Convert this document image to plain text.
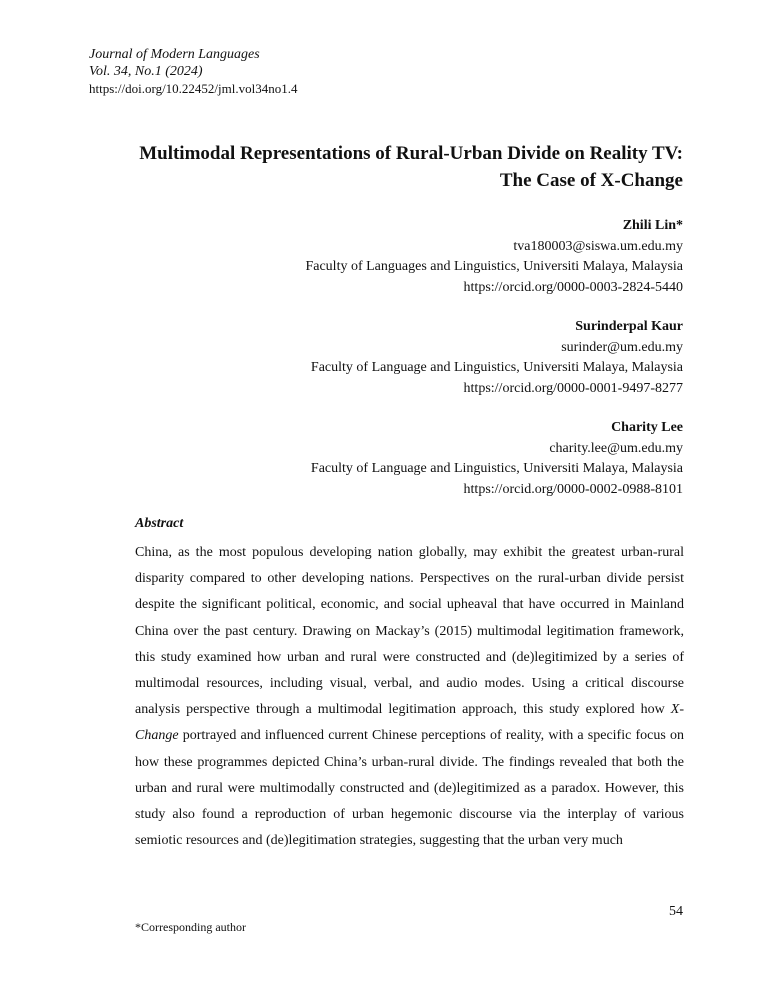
Journal of Modern Languages
Vol. 34, No.1 (2024)
https://doi.org/10.22452/jml.vol34no1.4
Multimodal Representations of Rural-Urban Divide on Reality TV:
The Case of X-Change
Zhili Lin*
tva180003@siswa.um.edu.my
Faculty of Languages and Linguistics, Universiti Malaya, Malaysia
https://orcid.org/0000-0003-2824-5440
Surinderpal Kaur
surinder@um.edu.my
Faculty of Language and Linguistics, Universiti Malaya, Malaysia
https://orcid.org/0000-0001-9497-8277
Charity Lee
charity.lee@um.edu.my
Faculty of Language and Linguistics, Universiti Malaya, Malaysia
https://orcid.org/0000-0002-0988-8101
Abstract

China, as the most populous developing nation globally, may exhibit the greatest urban-rural disparity compared to other developing nations. Perspectives on the rural-urban divide persist despite the significant political, economic, and social upheaval that have occurred in Mainland China over the past century. Drawing on Mackay’s (2015) multimodal legitimation framework, this study examined how urban and rural were constructed and (de)legitimized by a series of multimodal resources, including visual, verbal, and audio modes. Using a critical discourse analysis perspective through a multimodal legitimation approach, this study explored how X-Change portrayed and influenced current Chinese perceptions of reality, with a specific focus on how these programmes depicted China’s urban-rural divide. The findings revealed that both the urban and rural were multimodally constructed and (de)legitimized as a paradox. However, this study also found a reproduction of urban hegemonic discourse via the interplay of various semiotic resources and (de)legitimation strategies, suggesting that the urban very much

54
*Corresponding author
